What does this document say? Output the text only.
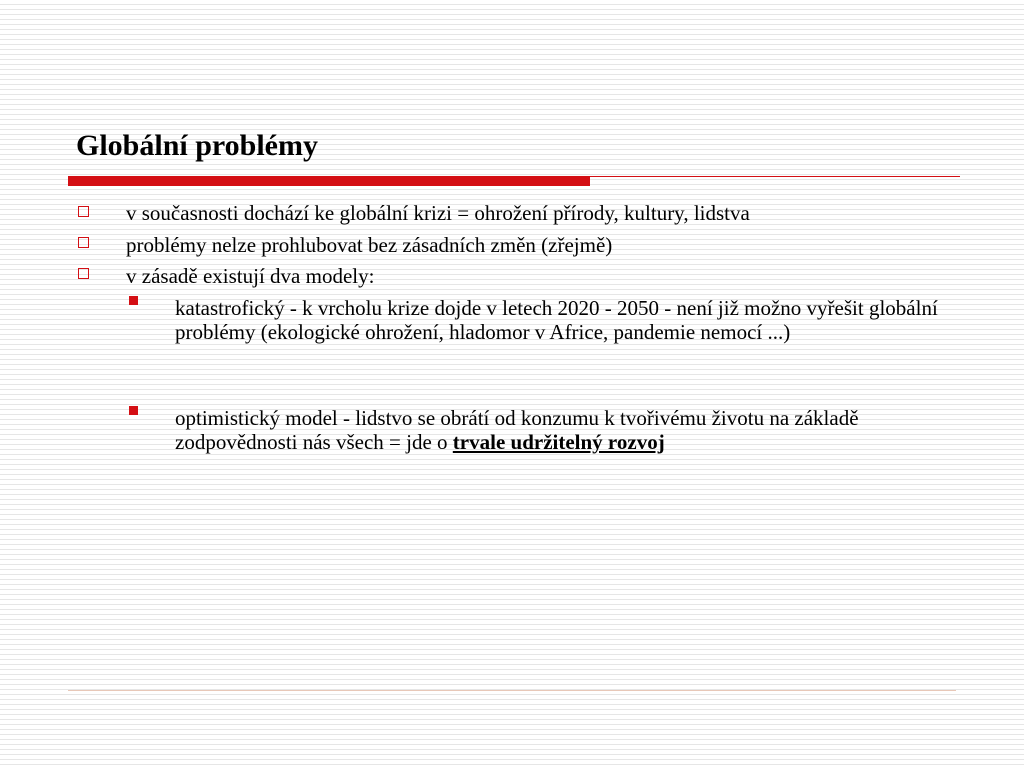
Globální problémy
v současnosti dochází ke globální krizi = ohrožení přírody, kultury, lidstva
problémy nelze prohlubovat bez zásadních změn (zřejmě)
v zásadě existují dva modely:
katastrofický - k vrcholu krize dojde v letech 2020 - 2050 - není již možno vyřešit globální problémy (ekologické ohrožení, hladomor v Africe, pandemie nemocí ...)
optimistický model - lidstvo se obrátí od konzumu k tvořivému životu na základě zodpovědnosti nás všech = jde o trvale udržitelný rozvoj
